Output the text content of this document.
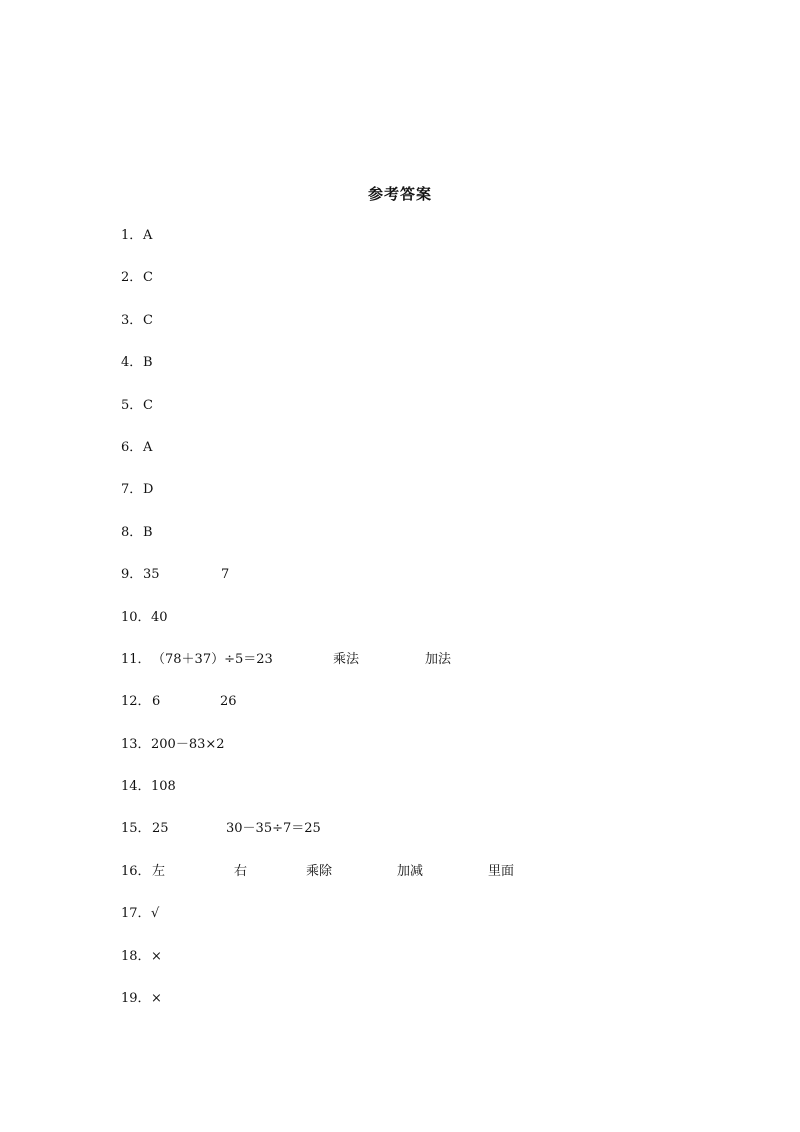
参考答案
1． A
2． C
3． C
4． B
5． C
6． A
7． D
8． B
9． 35	7
10． 40
11． （78＋37）÷5＝23	乘法	加法
12． 6	26
13． 200－83×2
14． 108
15． 25	30－35÷7＝25
16． 左	右	乘除	加减	里面
17． √
18． ×
19． ×
